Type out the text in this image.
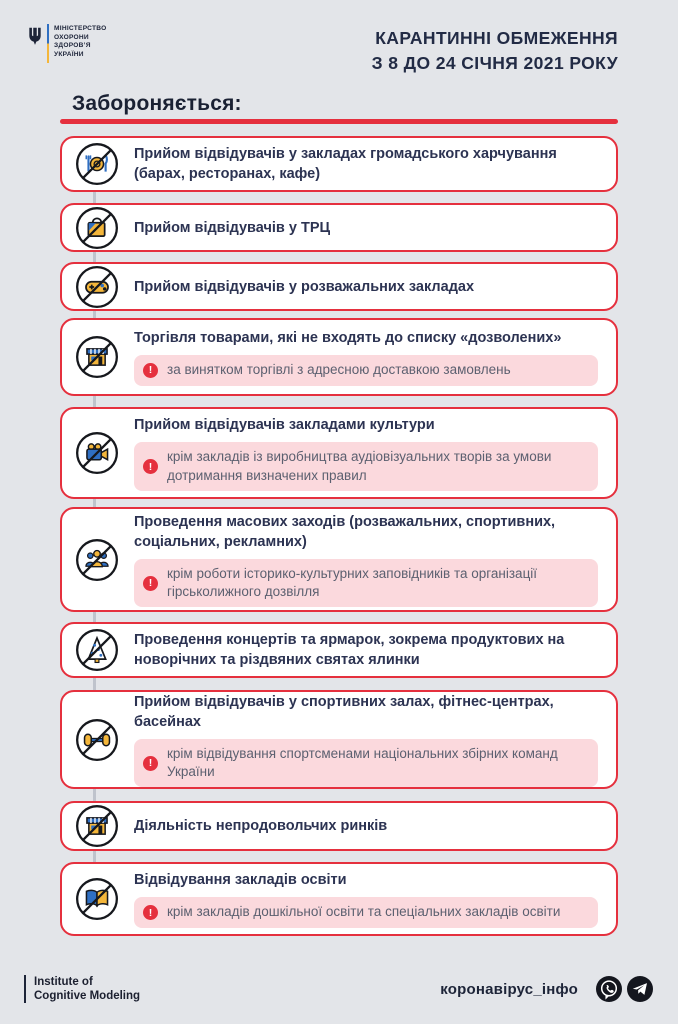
МІНІСТЕРСТВО
ОХОРОНИ
ЗДОРОВ’Я
УКРАЇНИ
КАРАНТИННІ ОБМЕЖЕННЯ
З 8 ДО 24 СІЧНЯ 2021 РОКУ
Забороняється:
Прийом відвідувачів у закладах громадського харчування (барах, ресторанах, кафе)
Прийом відвідувачів у ТРЦ
Прийом відвідувачів у розважальних закладах
Торгівля товарами, які не входять до списку «дозволених»
!	за винятком торгівлі з адресною доставкою замовлень
Прийом відвідувачів закладами культури
!
крім закладів із виробництва аудіовізуальних творів за умови дотримання визначених правил
Проведення масових заходів (розважальних, спортивних, соціальних, рекламних)
!
крім роботи історико-культурних заповідників та організації гірськолижного дозвілля
Проведення концертів та ярмарок, зокрема продуктових на новорічних та різдвяних святах ялинки
Прийом відвідувачів у спортивних залах, фітнес-центрах, басейнах
!
крім відвідування спортсменами національних збірних команд України
Діяльність непродовольчих ринків
Відвідування закладів освіти
!	крім закладів дошкільної освіти та спеціальних закладів освіти
Institute of
Cognitive Modeling	коронавірус_інфо
